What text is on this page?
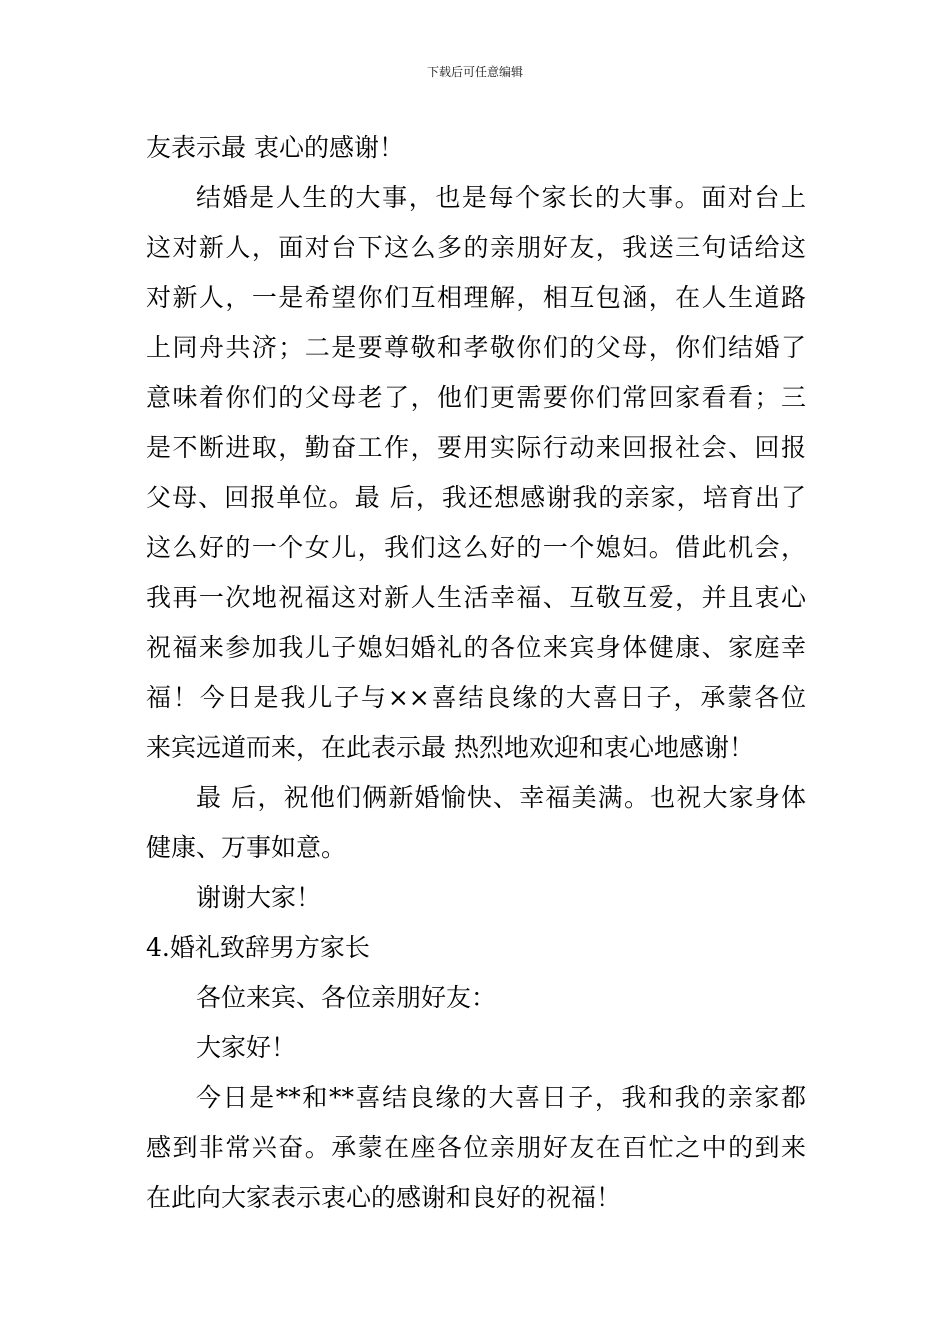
下载后可任意编辑
友表示最 衷心的感谢！
结婚是人生的大事，也是每个家长的大事。面对台上
这对新人，面对台下这么多的亲朋好友，我送三句话给这
对新人，一是希望你们互相理解，相互包涵，在人生道路
上同舟共济；二是要尊敬和孝敬你们的父母，你们结婚了
意味着你们的父母老了，他们更需要你们常回家看看；三
是不断进取，勤奋工作，要用实际行动来回报社会、回报
父母、回报单位。最 后，我还想感谢我的亲家，培育出了
这么好的一个女儿，我们这么好的一个媳妇。借此机会，
我再一次地祝福这对新人生活幸福、互敬互爱，并且衷心
祝福来参加我儿子媳妇婚礼的各位来宾身体健康、家庭幸
福！今日是我儿子与××喜结良缘的大喜日子，承蒙各位
来宾远道而来，在此表示最 热烈地欢迎和衷心地感谢！
最 后，祝他们俩新婚愉快、幸福美满。也祝大家身体
健康、万事如意。
谢谢大家！
4.婚礼致辞男方家长
各位来宾、各位亲朋好友：
大家好！
今日是**和**喜结良缘的大喜日子，我和我的亲家都
感到非常兴奋。承蒙在座各位亲朋好友在百忙之中的到来
在此向大家表示衷心的感谢和良好的祝福！
